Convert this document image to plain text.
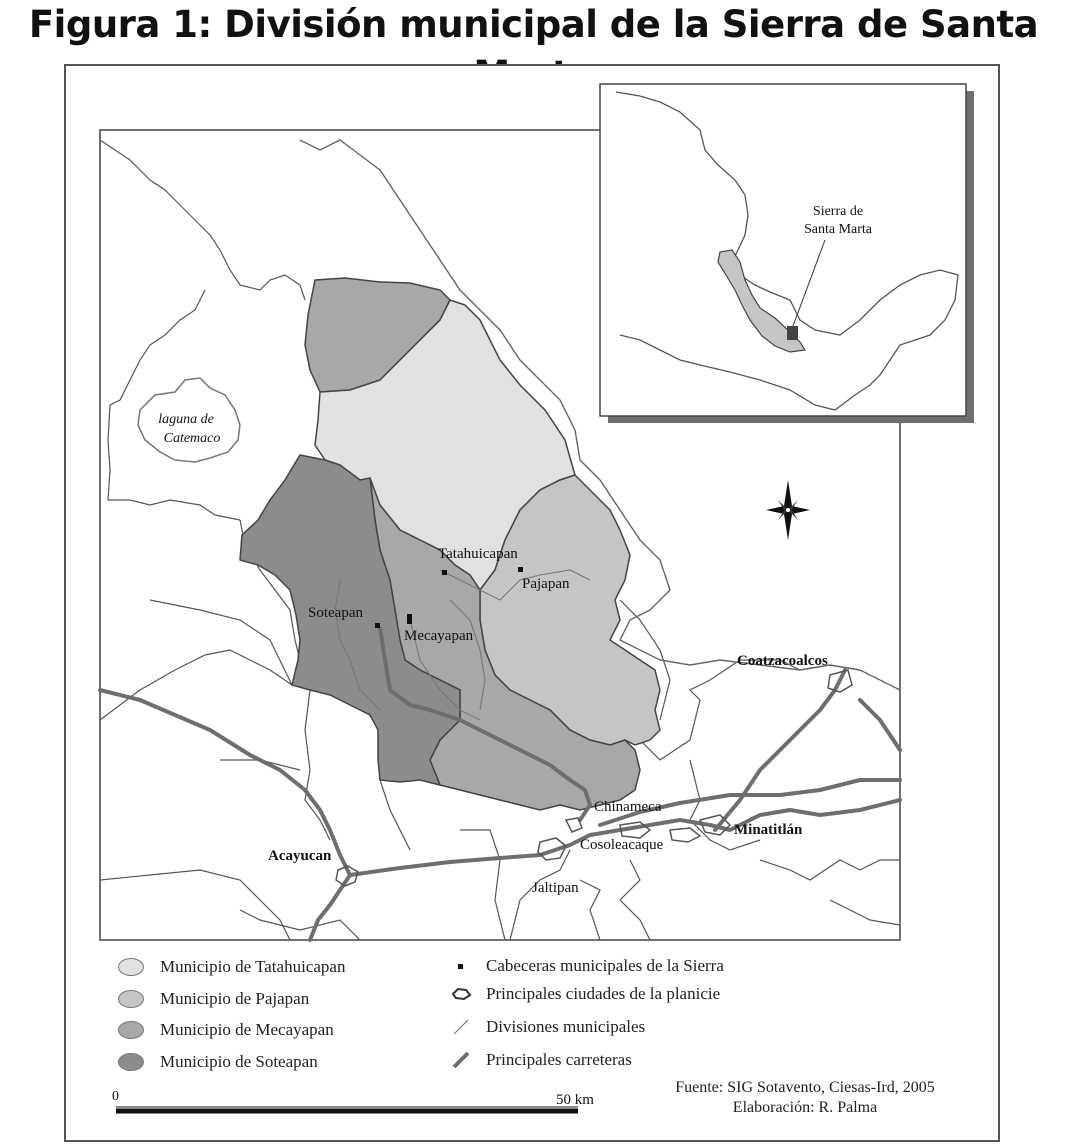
Figura 1: División municipal de la Sierra de Santa
laguna de
Catemaco
Tatahuicapan
Pajapan
Soteapan
Mecayapan
Coatzacoalcos
Chinameca
Minatitlán
Cosoleacaque
Acayucan
Jaltipan
Sierra de
Santa Marta
0	50 km
Municipio de Tatahuicapan
Municipio de Pajapan
Municipio de Mecayapan
Municipio de Soteapan
Cabeceras municipales de la Sierra
Principales ciudades de la planicie
Divisiones municipales
Principales carreteras
Fuente: SIG Sotavento, Ciesas-Ird, 2005
Elaboración: R. Palma
